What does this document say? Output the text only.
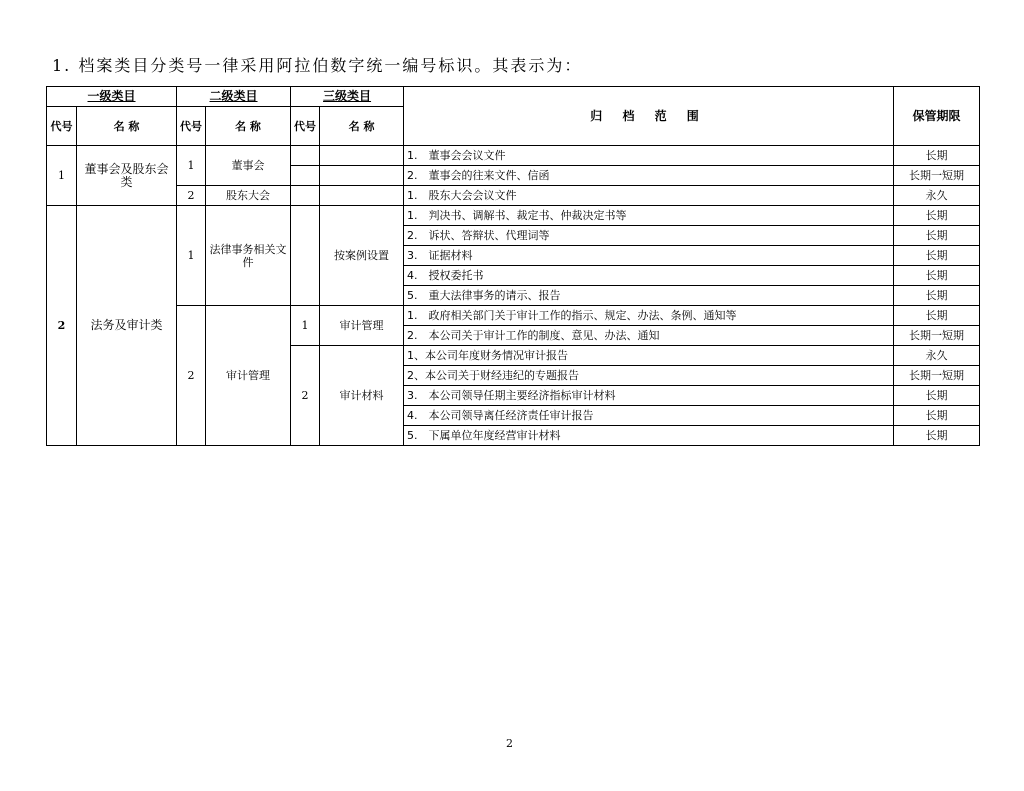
1. 档案类目分类号一律采用阿拉伯数字统一编号标识。其表示为：
一级类目		二级类目		三级类目		归 档 范 围	保管期限
代号	名 称	代号	名 称	代号	名 称		
1	董事会及股东会类	1	董事会			1.　董事会会议文件	长期
						2.　董事会的往来文件、信函	长期一短期
		2	股东大会			1.　股东大会会议文件	永久
2	法务及审计类	1	法律事务相关文件		按案例设置	1.　判决书、调解书、裁定书、仲裁决定书等	长期
						2.　诉状、答辩状、代理词等	长期
						3.　证据材料	长期
						4.　授权委托书	长期
						5.　重大法律事务的请示、报告	长期
		2	审计管理	1	审计管理	1.　政府相关部门关于审计工作的指示、规定、办法、条例、通知等	长期
						2.　本公司关于审计工作的制度、意见、办法、通知	长期一短期
				2	审计材料	1、本公司年度财务情况审计报告	永久
						2、本公司关于财经违纪的专题报告	长期一短期
						3.　本公司领导任期主要经济指标审计材料	长期
						4.　本公司领导离任经济责任审计报告	长期
						5.　下属单位年度经营审计材料	长期
2
